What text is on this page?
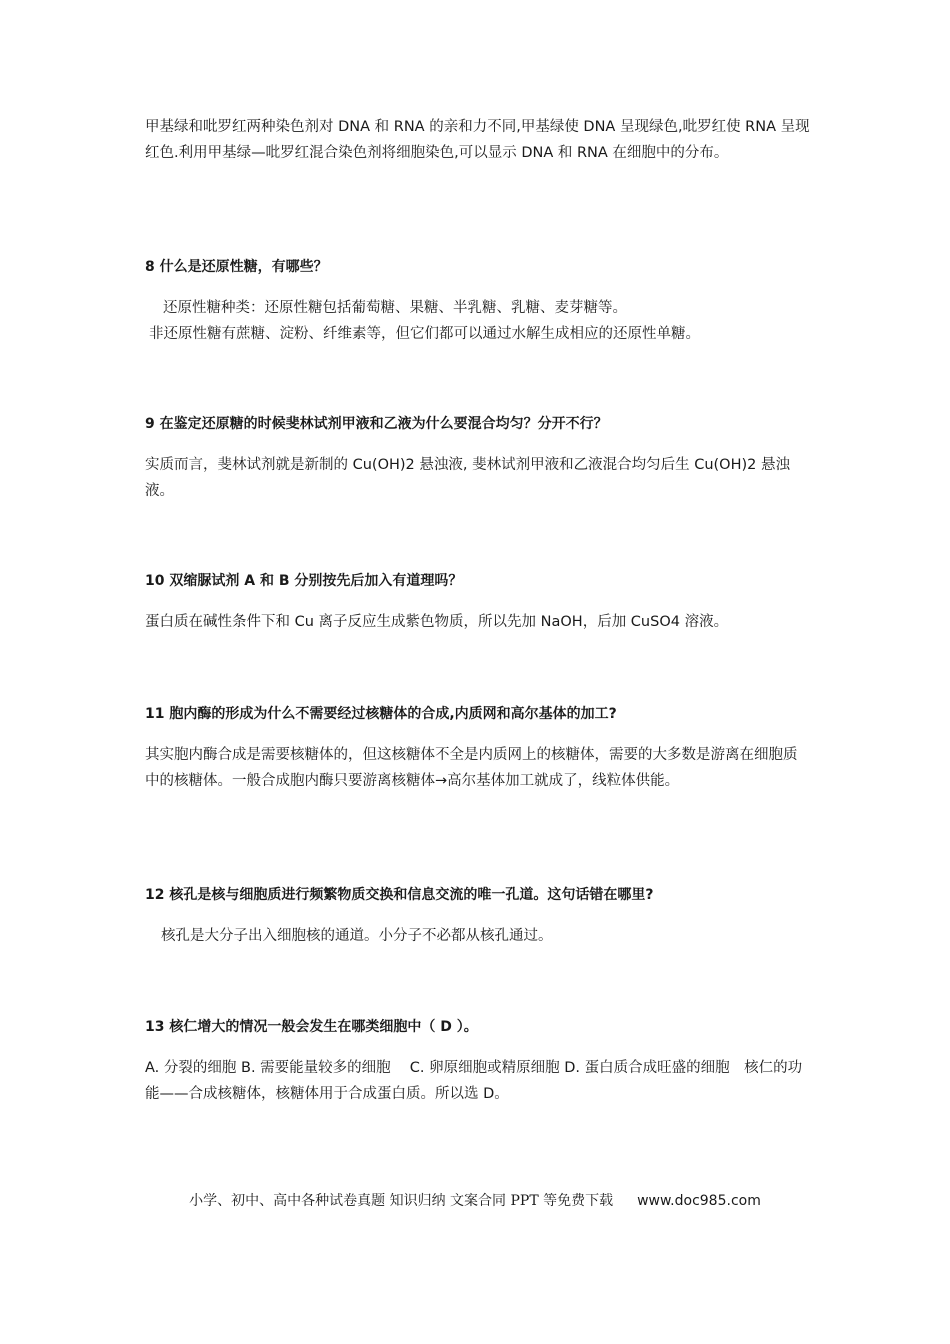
甲基绿和吡罗红两种染色剂对 DNA 和 RNA 的亲和力不同,甲基绿使 DNA 呈现绿色,吡罗红使 RNA 呈现红色.利用甲基绿—吡罗红混合染色剂将细胞染色,可以显示 DNA 和 RNA 在细胞中的分布。

8 什么是还原性糖，有哪些？

还原性糖种类：还原性糖包括葡萄糖、果糖、半乳糖、乳糖、麦芽糖等。

非还原性糖有蔗糖、淀粉、纤维素等，但它们都可以通过水解生成相应的还原性单糖。

9 在鉴定还原糖的时候斐林试剂甲液和乙液为什么要混合均匀？分开不行？

实质而言，斐林试剂就是新制的 Cu(OH)2 悬浊液, 斐林试剂甲液和乙液混合均匀后生 Cu(OH)2 悬浊液。

10 双缩脲试剂 A 和 B 分别按先后加入有道理吗？

蛋白质在碱性条件下和 Cu 离子反应生成紫色物质，所以先加 NaOH，后加 CuSO4 溶液。

11 胞内酶的形成为什么不需要经过核糖体的合成,内质网和高尔基体的加工?

其实胞内酶合成是需要核糖体的，但这核糖体不全是内质网上的核糖体，需要的大多数是游离在细胞质中的核糖体。一般合成胞内酶只要游离核糖体→高尔基体加工就成了，线粒体供能。

12 核孔是核与细胞质进行频繁物质交换和信息交流的唯一孔道。这句话错在哪里?

核孔是大分子出入细胞核的通道。小分子不必都从核孔通过。

13 核仁增大的情况一般会发生在哪类细胞中（ D ）。

A. 分裂的细胞 B. 需要能量较多的细胞　 C. 卵原细胞或精原细胞 D. 蛋白质合成旺盛的细胞　核仁的功能——合成核糖体，核糖体用于合成蛋白质。所以选 D。

小学、初中、高中各种试卷真题 知识归纳 文案合同 PPT 等免费下载 www.doc985.com
